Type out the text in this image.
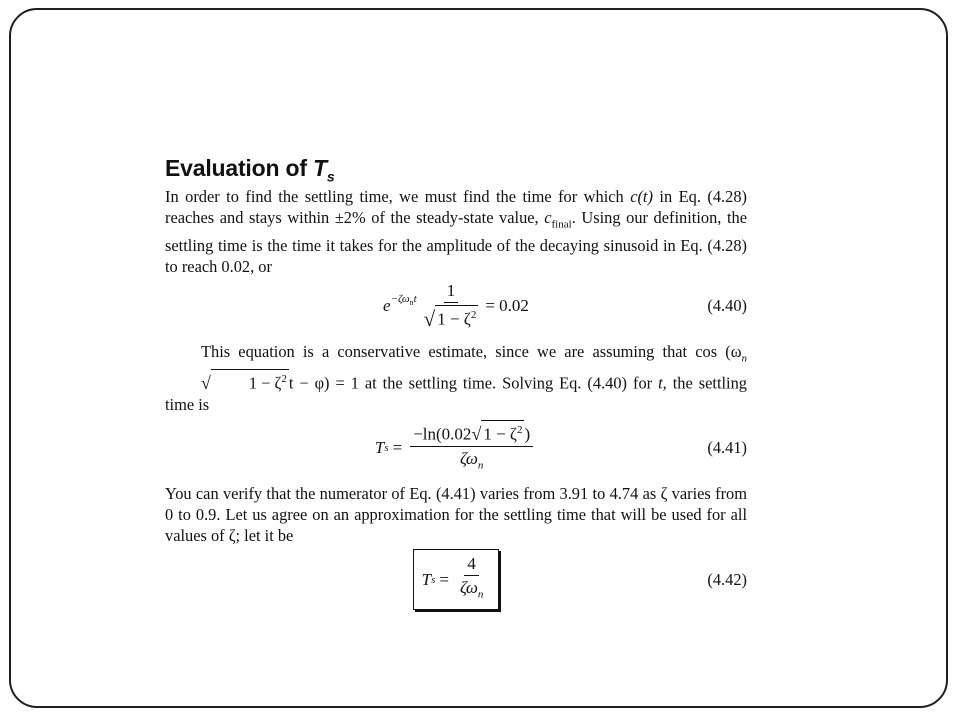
Evaluation of $T_s$

In order to find the settling time, we must find the time for which c(t) in Eq. (4.28) reaches and stays within ±2% of the steady-state value, $c_{final}$. Using our definition, the settling time is the time it takes for the amplitude of the decaying sinusoid in Eq. (4.28) to reach 0.02, or

e $^{-\zeta\omega_nt} \frac{1}{√ 1 - \zeta^2} = 0.02$	(4.40)

This equation is a conservative estimate, since we are assuming that $\cos (\omega_n$
√	$1 - \zeta^2$ t − φ) = 1 at the settling time. Solving Eq. (4.40) for t, the settling time is

T $s = \frac{-\ln(0.02 √ 1 - \zeta^2 )}{\zeta\omega_n}$	(4.41)

You can verify that the numerator of Eq. (4.41) varies from 3.91 to 4.74 as ζ varies from 0 to 0.9. Let us agree on an approximation for the settling time that will be used for all values of ζ; let it be

T $s = \frac{4}{\zeta\omega_n}$	(4.42)
